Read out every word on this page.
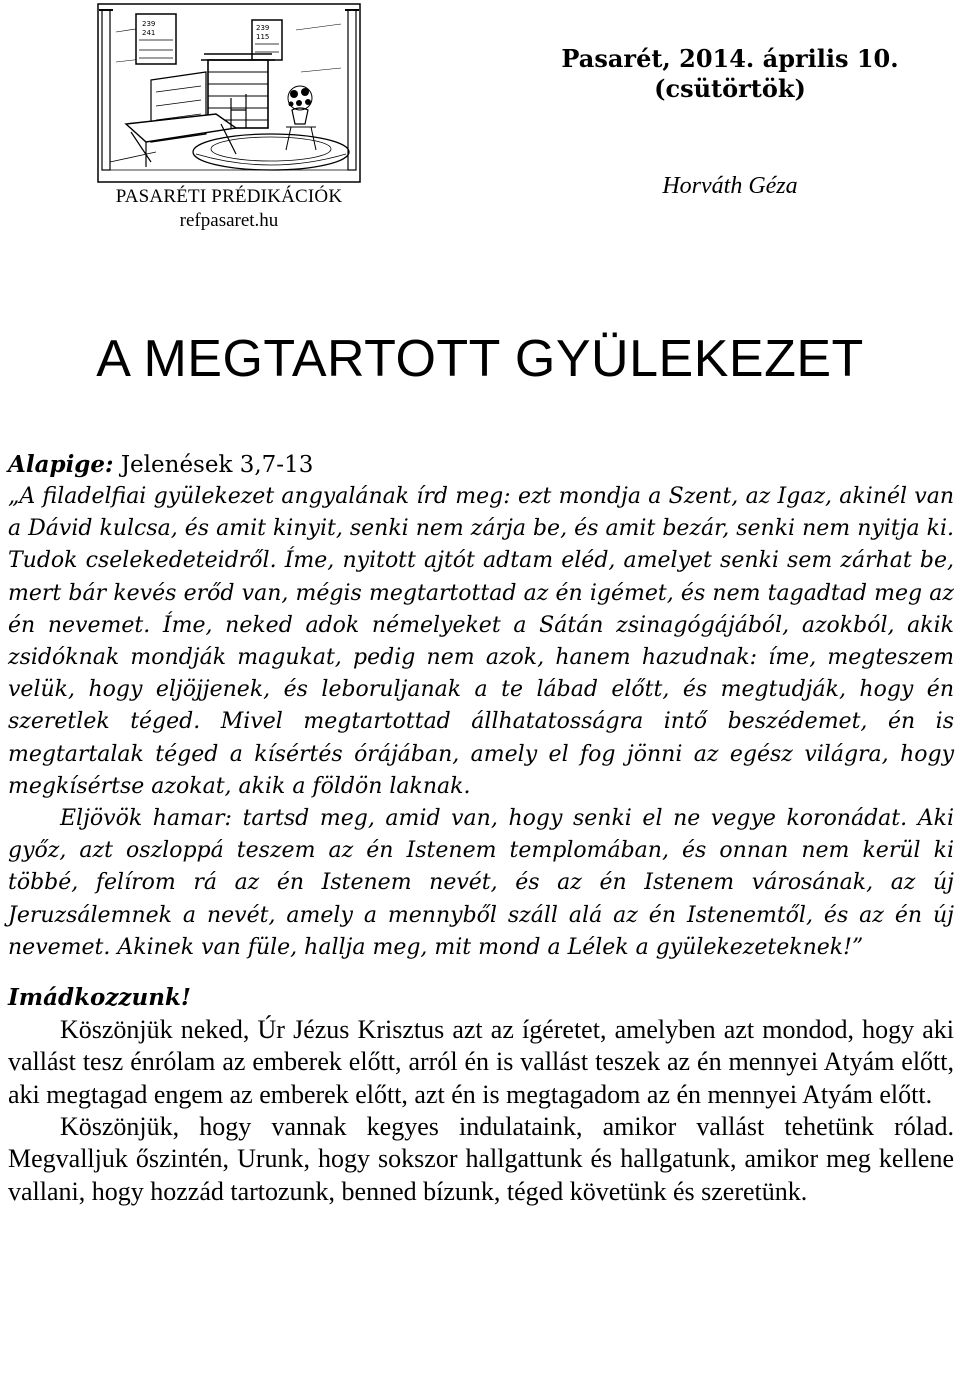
239
241
239
115
PASARÉTI PRÉDIKÁCIÓK
refpasaret.hu
Pasarét, 2014. április 10.
(csütörtök)
Horváth Géza
A MEGTARTOTT GYÜLEKEZET

Alapige: Jelenések 3,7-13

„A filadelfiai gyülekezet angyalának írd meg: ezt mondja a Szent, az Igaz, akinél van a Dávid kulcsa, és amit kinyit, senki nem zárja be, és amit bezár, senki nem nyitja ki. Tudok cselekedeteidről. Íme, nyitott ajtót adtam eléd, amelyet senki sem zárhat be, mert bár kevés erőd van, mégis megtartottad az én igémet, és nem tagadtad meg az én nevemet. Íme, neked adok némelyeket a Sátán zsinagógájából, azokból, akik zsidóknak mondják magukat, pedig nem azok, hanem hazudnak: íme, megteszem velük, hogy eljöjjenek, és leboruljanak a te lábad előtt, és megtudják, hogy én szeretlek téged. Mivel megtartottad állhatatosságra intő beszédemet, én is megtartalak téged a kísértés órájában, amely el fog jönni az egész világra, hogy megkísértse azokat, akik a földön laknak.

Eljövök hamar: tartsd meg, amid van, hogy senki el ne vegye koronádat. Aki győz, azt oszloppá teszem az én Istenem templomában, és onnan nem kerül ki többé, felírom rá az én Istenem nevét, és az én Istenem városának, az új Jeruzsálemnek a nevét, amely a mennyből száll alá az én Istenemtől, és az én új nevemet. Akinek van füle, hallja meg, mit mond a Lélek a gyülekezeteknek!”

Imádkozzunk!

Köszönjük neked, Úr Jézus Krisztus azt az ígéretet, amelyben azt mondod, hogy aki vallást tesz énrólam az emberek előtt, arról én is vallást teszek az én mennyei Atyám előtt, aki megtagad engem az emberek előtt, azt én is megtagadom az én mennyei Atyám előtt.

Köszönjük, hogy vannak kegyes indulataink, amikor vallást tehetünk rólad. Megvalljuk őszintén, Urunk, hogy sokszor hallgattunk és hallgatunk, amikor meg kellene vallani, hogy hozzád tartozunk, benned bízunk, téged követünk és szeretünk.
